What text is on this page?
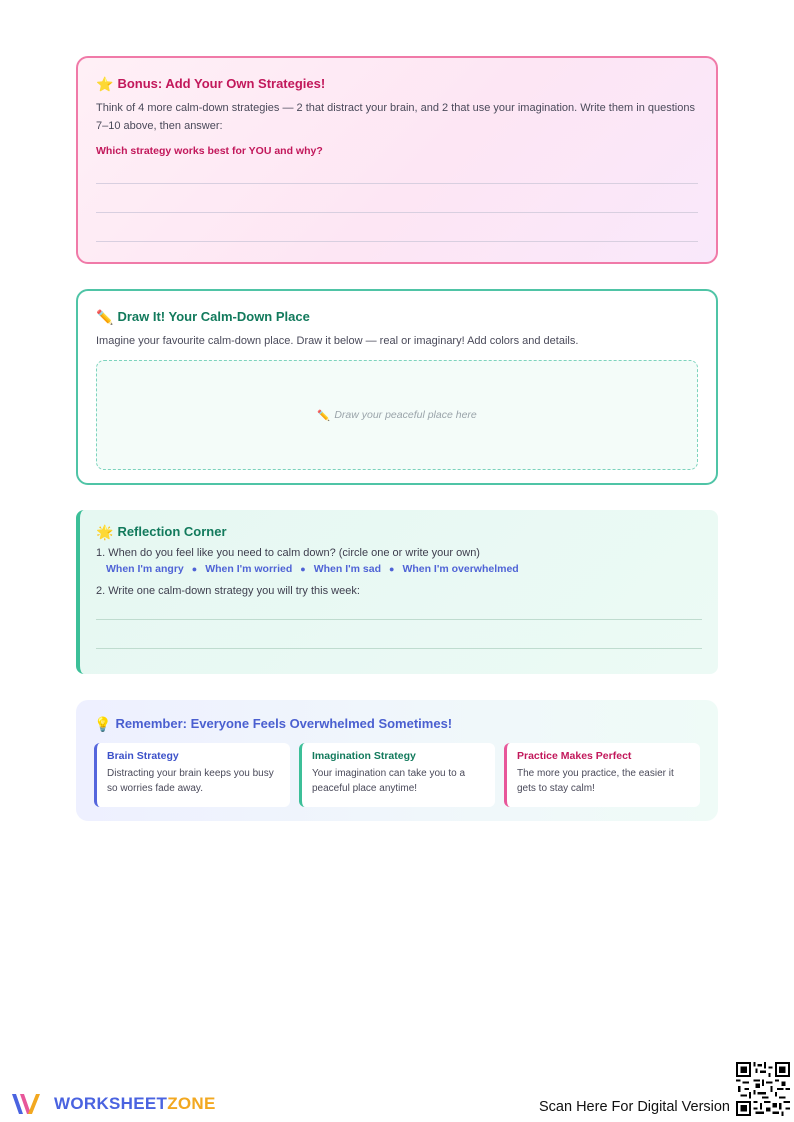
⭐ Bonus: Add Your Own Strategies!
Think of 4 more calm-down strategies — 2 that distract your brain, and 2 that use your imagination. Write them in questions 7–10 above, then answer:
Which strategy works best for YOU and why?
✏️ Draw It! Your Calm-Down Place
Imagine your favourite calm-down place. Draw it below — real or imaginary! Add colors and details.
✏️ Draw your peaceful place here
🌟 Reflection Corner
1. When do you feel like you need to calm down? (circle one or write your own)
When I'm angry ● When I'm worried ● When I'm sad ● When I'm overwhelmed
2. Write one calm-down strategy you will try this week:
💡 Remember: Everyone Feels Overwhelmed Sometimes!
Brain Strategy

Distracting your brain keeps you busy so worries fade away.

Imagination Strategy

Your imagination can take you to a peaceful place anytime!

Practice Makes Perfect

The more you practice, the easier it gets to stay calm!

WORKSHEETZONE	Scan Here For Digital Version
